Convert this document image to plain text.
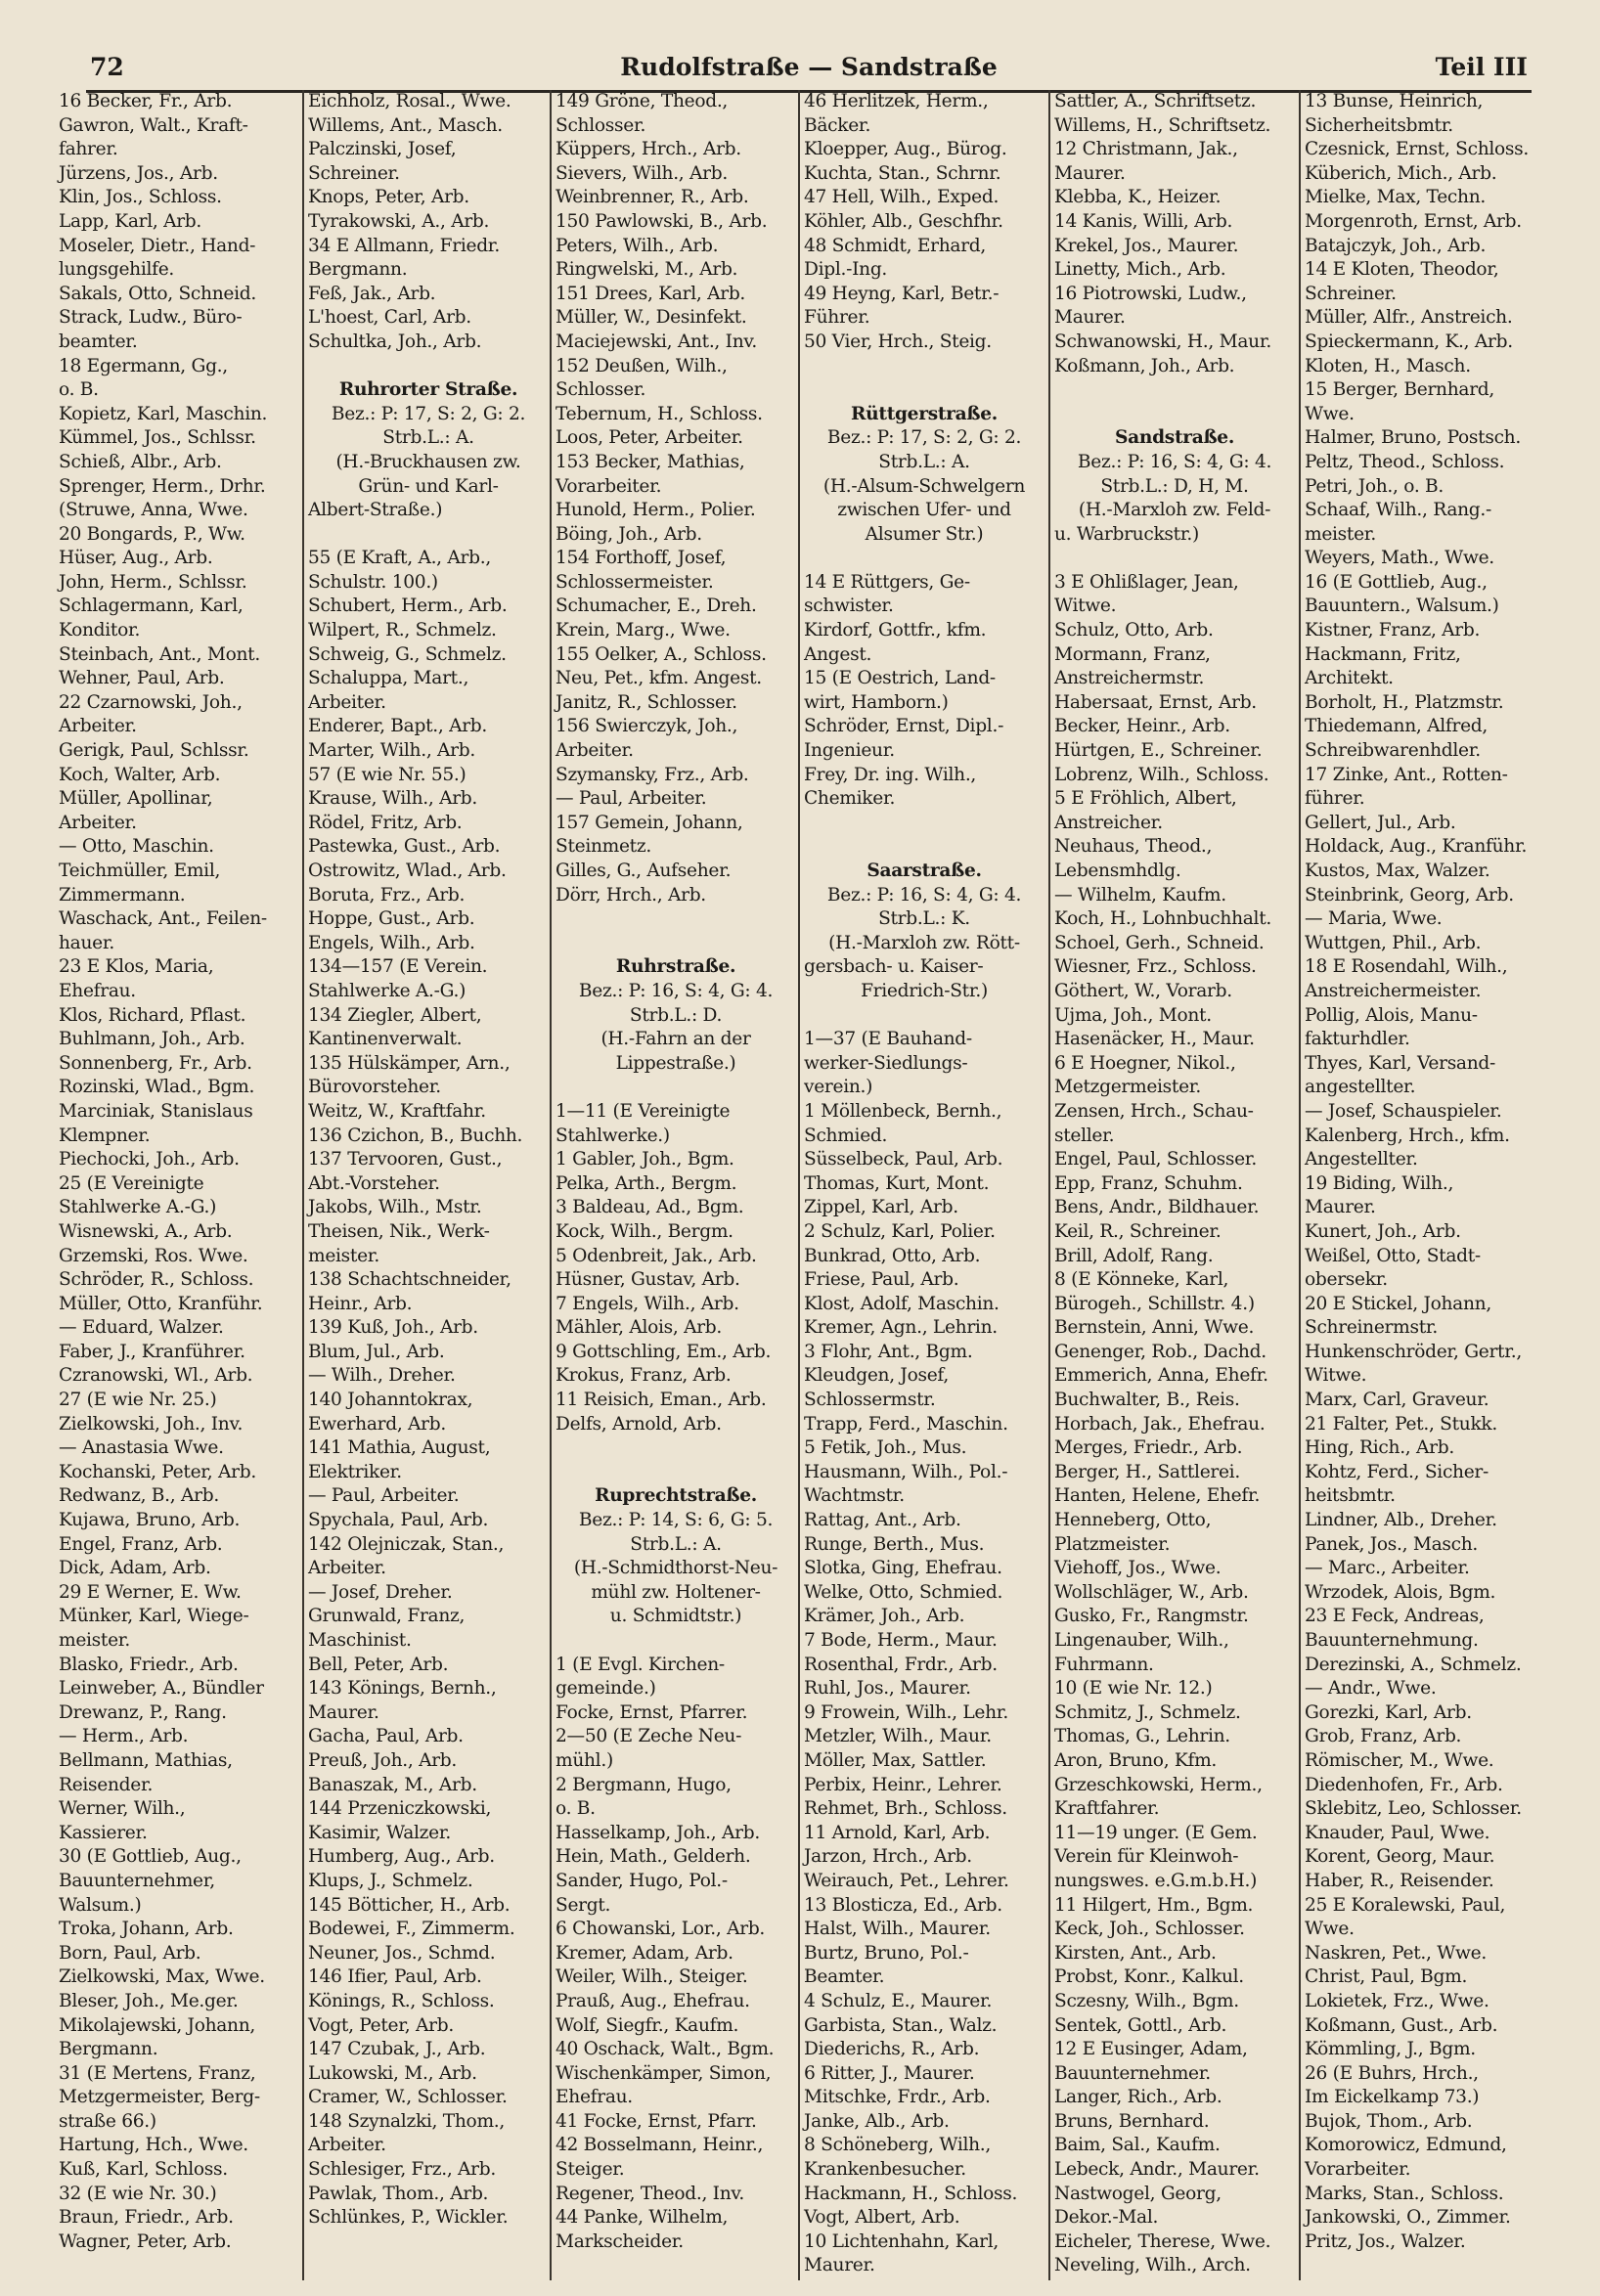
72	Rudolfstraße — Sandstraße	Teil III
16 Becker, Fr., Arb.
Gawron, Walt., Kraft-
fahrer.
Jürzens, Jos., Arb.
Klin, Jos., Schloss.
Lapp, Karl, Arb.
Moseler, Dietr., Hand-
lungsgehilfe.
Sakals, Otto, Schneid.
Strack, Ludw., Büro-
beamter.
18 Egermann, Gg.,
o. B.
Kopietz, Karl, Maschin.
Kümmel, Jos., Schlssr.
Schieß, Albr., Arb.
Sprenger, Herm., Drhr.
(Struwe, Anna, Wwe.
20 Bongards, P., Ww.
Hüser, Aug., Arb.
John, Herm., Schlssr.
Schlagermann, Karl,
Konditor.
Steinbach, Ant., Mont.
Wehner, Paul, Arb.
22 Czarnowski, Joh.,
Arbeiter.
Gerigk, Paul, Schlssr.
Koch, Walter, Arb.
Müller, Apollinar,
Arbeiter.
— Otto, Maschin.
Teichmüller, Emil,
Zimmermann.
Waschack, Ant., Feilen-
hauer.
23 E Klos, Maria,
Ehefrau.
Klos, Richard, Pflast.
Buhlmann, Joh., Arb.
Sonnenberg, Fr., Arb.
Rozinski, Wlad., Bgm.
Marciniak, Stanislaus
Klempner.
Piechocki, Joh., Arb.
25 (E Vereinigte
Stahlwerke A.-G.)
Wisnewski, A., Arb.
Grzemski, Ros. Wwe.
Schröder, R., Schloss.
Müller, Otto, Kranführ.
— Eduard, Walzer.
Faber, J., Kranführer.
Czranowski, Wl., Arb.
27 (E wie Nr. 25.)
Zielkowski, Joh., Inv.
— Anastasia Wwe.
Kochanski, Peter, Arb.
Redwanz, B., Arb.
Kujawa, Bruno, Arb.
Engel, Franz, Arb.
Dick, Adam, Arb.
29 E Werner, E. Ww.
Münker, Karl, Wiege-
meister.
Blasko, Friedr., Arb.
Leinweber, A., Bündler
Drewanz, P., Rang.
— Herm., Arb.
Bellmann, Mathias,
Reisender.
Werner, Wilh.,
Kassierer.
30 (E Gottlieb, Aug.,
Bauunternehmer,
Walsum.)
Troka, Johann, Arb.
Born, Paul, Arb.
Zielkowski, Max, Wwe.
Bleser, Joh., Me.ger.
Mikolajewski, Johann,
Bergmann.
31 (E Mertens, Franz,
Metzgermeister, Berg-
straße 66.)
Hartung, Hch., Wwe.
Kuß, Karl, Schloss.
32 (E wie Nr. 30.)
Braun, Friedr., Arb.
Wagner, Peter, Arb.
Eichholz, Rosal., Wwe.
Willems, Ant., Masch.
Palczinski, Josef,
Schreiner.
Knops, Peter, Arb.
Tyrakowski, A., Arb.
34 E Allmann, Friedr.
Bergmann.
Feß, Jak., Arb.
L'hoest, Carl, Arb.
Schultka, Joh., Arb.

Ruhrorter Straße.
Bez.: P: 17, S: 2, G: 2.
Strb.L.: A.
(H.-Bruckhausen zw.
Grün- und Karl-
Albert-Straße.)

55 (E Kraft, A., Arb.,
Schulstr. 100.)
Schubert, Herm., Arb.
Wilpert, R., Schmelz.
Schweig, G., Schmelz.
Schaluppa, Mart.,
Arbeiter.
Enderer, Bapt., Arb.
Marter, Wilh., Arb.
57 (E wie Nr. 55.)
Krause, Wilh., Arb.
Rödel, Fritz, Arb.
Pastewka, Gust., Arb.
Ostrowitz, Wlad., Arb.
Boruta, Frz., Arb.
Hoppe, Gust., Arb.
Engels, Wilh., Arb.
134—157 (E Verein.
Stahlwerke A.-G.)
134 Ziegler, Albert,
Kantinenverwalt.
135 Hülskämper, Arn.,
Bürovorsteher.
Weitz, W., Kraftfahr.
136 Czichon, B., Buchh.
137 Tervooren, Gust.,
Abt.-Vorsteher.
Jakobs, Wilh., Mstr.
Theisen, Nik., Werk-
meister.
138 Schachtschneider,
Heinr., Arb.
139 Kuß, Joh., Arb.
Blum, Jul., Arb.
— Wilh., Dreher.
140 Johanntokrax,
Ewerhard, Arb.
141 Mathia, August,
Elektriker.
— Paul, Arbeiter.
Spychala, Paul, Arb.
142 Olejniczak, Stan.,
Arbeiter.
— Josef, Dreher.
Grunwald, Franz,
Maschinist.
Bell, Peter, Arb.
143 Könings, Bernh.,
Maurer.
Gacha, Paul, Arb.
Preuß, Joh., Arb.
Banaszak, M., Arb.
144 Przeniczkowski,
Kasimir, Walzer.
Humberg, Aug., Arb.
Klups, J., Schmelz.
145 Bötticher, H., Arb.
Bodewei, F., Zimmerm.
Neuner, Jos., Schmd.
146 Ifier, Paul, Arb.
Könings, R., Schloss.
Vogt, Peter, Arb.
147 Czubak, J., Arb.
Lukowski, M., Arb.
Cramer, W., Schlosser.
148 Szynalzki, Thom.,
Arbeiter.
Schlesiger, Frz., Arb.
Pawlak, Thom., Arb.
Schlünkes, P., Wickler.
149 Gröne, Theod.,
Schlosser.
Küppers, Hrch., Arb.
Sievers, Wilh., Arb.
Weinbrenner, R., Arb.
150 Pawlowski, B., Arb.
Peters, Wilh., Arb.
Ringwelski, M., Arb.
151 Drees, Karl, Arb.
Müller, W., Desinfekt.
Maciejewski, Ant., Inv.
152 Deußen, Wilh.,
Schlosser.
Tebernum, H., Schloss.
Loos, Peter, Arbeiter.
153 Becker, Mathias,
Vorarbeiter.
Hunold, Herm., Polier.
Böing, Joh., Arb.
154 Forthoff, Josef,
Schlossermeister.
Schumacher, E., Dreh.
Krein, Marg., Wwe.
155 Oelker, A., Schloss.
Neu, Pet., kfm. Angest.
Janitz, R., Schlosser.
156 Swierczyk, Joh.,
Arbeiter.
Szymansky, Frz., Arb.
— Paul, Arbeiter.
157 Gemein, Johann,
Steinmetz.
Gilles, G., Aufseher.
Dörr, Hrch., Arb.

Ruhrstraße.
Bez.: P: 16, S: 4, G: 4.
Strb.L.: D.
(H.-Fahrn an der
Lippestraße.)

1—11 (E Vereinigte
Stahlwerke.)
1 Gabler, Joh., Bgm.
Pelka, Arth., Bergm.
3 Baldeau, Ad., Bgm.
Kock, Wilh., Bergm.
5 Odenbreit, Jak., Arb.
Hüsner, Gustav, Arb.
7 Engels, Wilh., Arb.
Mähler, Alois, Arb.
9 Gottschling, Em., Arb.
Krokus, Franz, Arb.
11 Reisich, Eman., Arb.
Delfs, Arnold, Arb.

Ruprechtstraße.
Bez.: P: 14, S: 6, G: 5.
Strb.L.: A.
(H.-Schmidthorst-Neu-
mühl zw. Holtener-
u. Schmidtstr.)

1 (E Evgl. Kirchen-
gemeinde.)
Focke, Ernst, Pfarrer.
2—50 (E Zeche Neu-
mühl.)
2 Bergmann, Hugo,
o. B.
Hasselkamp, Joh., Arb.
Hein, Math., Gelderh.
Sander, Hugo, Pol.-
Sergt.
6 Chowanski, Lor., Arb.
Kremer, Adam, Arb.
Weiler, Wilh., Steiger.
Prauß, Aug., Ehefrau.
Wolf, Siegfr., Kaufm.
40 Oschack, Walt., Bgm.
Wischenkämper, Simon,
Ehefrau.
41 Focke, Ernst, Pfarr.
42 Bosselmann, Heinr.,
Steiger.
Regener, Theod., Inv.
44 Panke, Wilhelm,
Markscheider.
46 Herlitzek, Herm.,
Bäcker.
Kloepper, Aug., Bürog.
Kuchta, Stan., Schrnr.
47 Hell, Wilh., Exped.
Köhler, Alb., Geschfhr.
48 Schmidt, Erhard,
Dipl.-Ing.
49 Heyng, Karl, Betr.-
Führer.
50 Vier, Hrch., Steig.

Rüttgerstraße.
Bez.: P: 17, S: 2, G: 2.
Strb.L.: A.
(H.-Alsum-Schwelgern
zwischen Ufer- und
Alsumer Str.)

14 E Rüttgers, Ge-
schwister.
Kirdorf, Gottfr., kfm.
Angest.
15 (E Oestrich, Land-
wirt, Hamborn.)
Schröder, Ernst, Dipl.-
Ingenieur.
Frey, Dr. ing. Wilh.,
Chemiker.

Saarstraße.
Bez.: P: 16, S: 4, G: 4.
Strb.L.: K.
(H.-Marxloh zw. Rött-
gersbach- u. Kaiser-
Friedrich-Str.)

1—37 (E Bauhand-
werker-Siedlungs-
verein.)
1 Möllenbeck, Bernh.,
Schmied.
Süsselbeck, Paul, Arb.
Thomas, Kurt, Mont.
Zippel, Karl, Arb.
2 Schulz, Karl, Polier.
Bunkrad, Otto, Arb.
Friese, Paul, Arb.
Klost, Adolf, Maschin.
Kremer, Agn., Lehrin.
3 Flohr, Ant., Bgm.
Kleudgen, Josef,
Schlossermstr.
Trapp, Ferd., Maschin.
5 Fetik, Joh., Mus.
Hausmann, Wilh., Pol.-
Wachtmstr.
Rattag, Ant., Arb.
Runge, Berth., Mus.
Slotka, Ging, Ehefrau.
Welke, Otto, Schmied.
Krämer, Joh., Arb.
7 Bode, Herm., Maur.
Rosenthal, Frdr., Arb.
Ruhl, Jos., Maurer.
9 Frowein, Wilh., Lehr.
Metzler, Wilh., Maur.
Möller, Max, Sattler.
Perbix, Heinr., Lehrer.
Rehmet, Brh., Schloss.
11 Arnold, Karl, Arb.
Jarzon, Hrch., Arb.
Weirauch, Pet., Lehrer.
13 Blosticza, Ed., Arb.
Halst, Wilh., Maurer.
Burtz, Bruno, Pol.-
Beamter.
4 Schulz, E., Maurer.
Garbista, Stan., Walz.
Diederichs, R., Arb.
6 Ritter, J., Maurer.
Mitschke, Frdr., Arb.
Janke, Alb., Arb.
8 Schöneberg, Wilh.,
Krankenbesucher.
Hackmann, H., Schloss.
Vogt, Albert, Arb.
10 Lichtenhahn, Karl,
Maurer.
Sattler, A., Schriftsetz.
Willems, H., Schriftsetz.
12 Christmann, Jak.,
Maurer.
Klebba, K., Heizer.
14 Kanis, Willi, Arb.
Krekel, Jos., Maurer.
Linetty, Mich., Arb.
16 Piotrowski, Ludw.,
Maurer.
Schwanowski, H., Maur.
Koßmann, Joh., Arb.

Sandstraße.
Bez.: P: 16, S: 4, G: 4.
Strb.L.: D, H, M.
(H.-Marxloh zw. Feld-
u. Warbruckstr.)

3 E Ohlißlager, Jean,
Witwe.
Schulz, Otto, Arb.
Mormann, Franz,
Anstreichermstr.
Habersaat, Ernst, Arb.
Becker, Heinr., Arb.
Hürtgen, E., Schreiner.
Lobrenz, Wilh., Schloss.
5 E Fröhlich, Albert,
Anstreicher.
Neuhaus, Theod.,
Lebensmhdlg.
— Wilhelm, Kaufm.
Koch, H., Lohnbuchhalt.
Schoel, Gerh., Schneid.
Wiesner, Frz., Schloss.
Göthert, W., Vorarb.
Ujma, Joh., Mont.
Hasenäcker, H., Maur.
6 E Hoegner, Nikol.,
Metzgermeister.
Zensen, Hrch., Schau-
steller.
Engel, Paul, Schlosser.
Epp, Franz, Schuhm.
Bens, Andr., Bildhauer.
Keil, R., Schreiner.
Brill, Adolf, Rang.
8 (E Könneke, Karl,
Bürogeh., Schillstr. 4.)
Bernstein, Anni, Wwe.
Genenger, Rob., Dachd.
Emmerich, Anna, Ehefr.
Buchwalter, B., Reis.
Horbach, Jak., Ehefrau.
Merges, Friedr., Arb.
Berger, H., Sattlerei.
Hanten, Helene, Ehefr.
Henneberg, Otto,
Platzmeister.
Viehoff, Jos., Wwe.
Wollschläger, W., Arb.
Gusko, Fr., Rangmstr.
Lingenauber, Wilh.,
Fuhrmann.
10 (E wie Nr. 12.)
Schmitz, J., Schmelz.
Thomas, G., Lehrin.
Aron, Bruno, Kfm.
Grzeschkowski, Herm.,
Kraftfahrer.
11—19 unger. (E Gem.
Verein für Kleinwoh-
nungswes. e.G.m.b.H.)
11 Hilgert, Hm., Bgm.
Keck, Joh., Schlosser.
Kirsten, Ant., Arb.
Probst, Konr., Kalkul.
Sczesny, Wilh., Bgm.
Sentek, Gottl., Arb.
12 E Eusinger, Adam,
Bauunternehmer.
Langer, Rich., Arb.
Bruns, Bernhard.
Baim, Sal., Kaufm.
Lebeck, Andr., Maurer.
Nastwogel, Georg,
Dekor.-Mal.
Eicheler, Therese, Wwe.
Neveling, Wilh., Arch.
13 Bunse, Heinrich,
Sicherheitsbmtr.
Czesnick, Ernst, Schloss.
Küberich, Mich., Arb.
Mielke, Max, Techn.
Morgenroth, Ernst, Arb.
Batajczyk, Joh., Arb.
14 E Kloten, Theodor,
Schreiner.
Müller, Alfr., Anstreich.
Spieckermann, K., Arb.
Kloten, H., Masch.
15 Berger, Bernhard,
Wwe.
Halmer, Bruno, Postsch.
Peltz, Theod., Schloss.
Petri, Joh., o. B.
Schaaf, Wilh., Rang.-
meister.
Weyers, Math., Wwe.
16 (E Gottlieb, Aug.,
Bauuntern., Walsum.)
Kistner, Franz, Arb.
Hackmann, Fritz,
Architekt.
Borholt, H., Platzmstr.
Thiedemann, Alfred,
Schreibwarenhdler.
17 Zinke, Ant., Rotten-
führer.
Gellert, Jul., Arb.
Holdack, Aug., Kranführ.
Kustos, Max, Walzer.
Steinbrink, Georg, Arb.
— Maria, Wwe.
Wuttgen, Phil., Arb.
18 E Rosendahl, Wilh.,
Anstreichermeister.
Pollig, Alois, Manu-
fakturhdler.
Thyes, Karl, Versand-
angestellter.
— Josef, Schauspieler.
Kalenberg, Hrch., kfm.
Angestellter.
19 Biding, Wilh.,
Maurer.
Kunert, Joh., Arb.
Weißel, Otto, Stadt-
obersekr.
20 E Stickel, Johann,
Schreinermstr.
Hunkenschröder, Gertr.,
Witwe.
Marx, Carl, Graveur.
21 Falter, Pet., Stukk.
Hing, Rich., Arb.
Kohtz, Ferd., Sicher-
heitsbmtr.
Lindner, Alb., Dreher.
Panek, Jos., Masch.
— Marc., Arbeiter.
Wrzodek, Alois, Bgm.
23 E Feck, Andreas,
Bauunternehmung.
Derezinski, A., Schmelz.
— Andr., Wwe.
Gorezki, Karl, Arb.
Grob, Franz, Arb.
Römischer, M., Wwe.
Diedenhofen, Fr., Arb.
Sklebitz, Leo, Schlosser.
Knauder, Paul, Wwe.
Korent, Georg, Maur.
Haber, R., Reisender.
25 E Koralewski, Paul,
Wwe.
Naskren, Pet., Wwe.
Christ, Paul, Bgm.
Lokietek, Frz., Wwe.
Koßmann, Gust., Arb.
Kömmling, J., Bgm.
26 (E Buhrs, Hrch.,
Im Eickelkamp 73.)
Bujok, Thom., Arb.
Komorowicz, Edmund,
Vorarbeiter.
Marks, Stan., Schloss.
Jankowski, O., Zimmer.
Pritz, Jos., Walzer.
